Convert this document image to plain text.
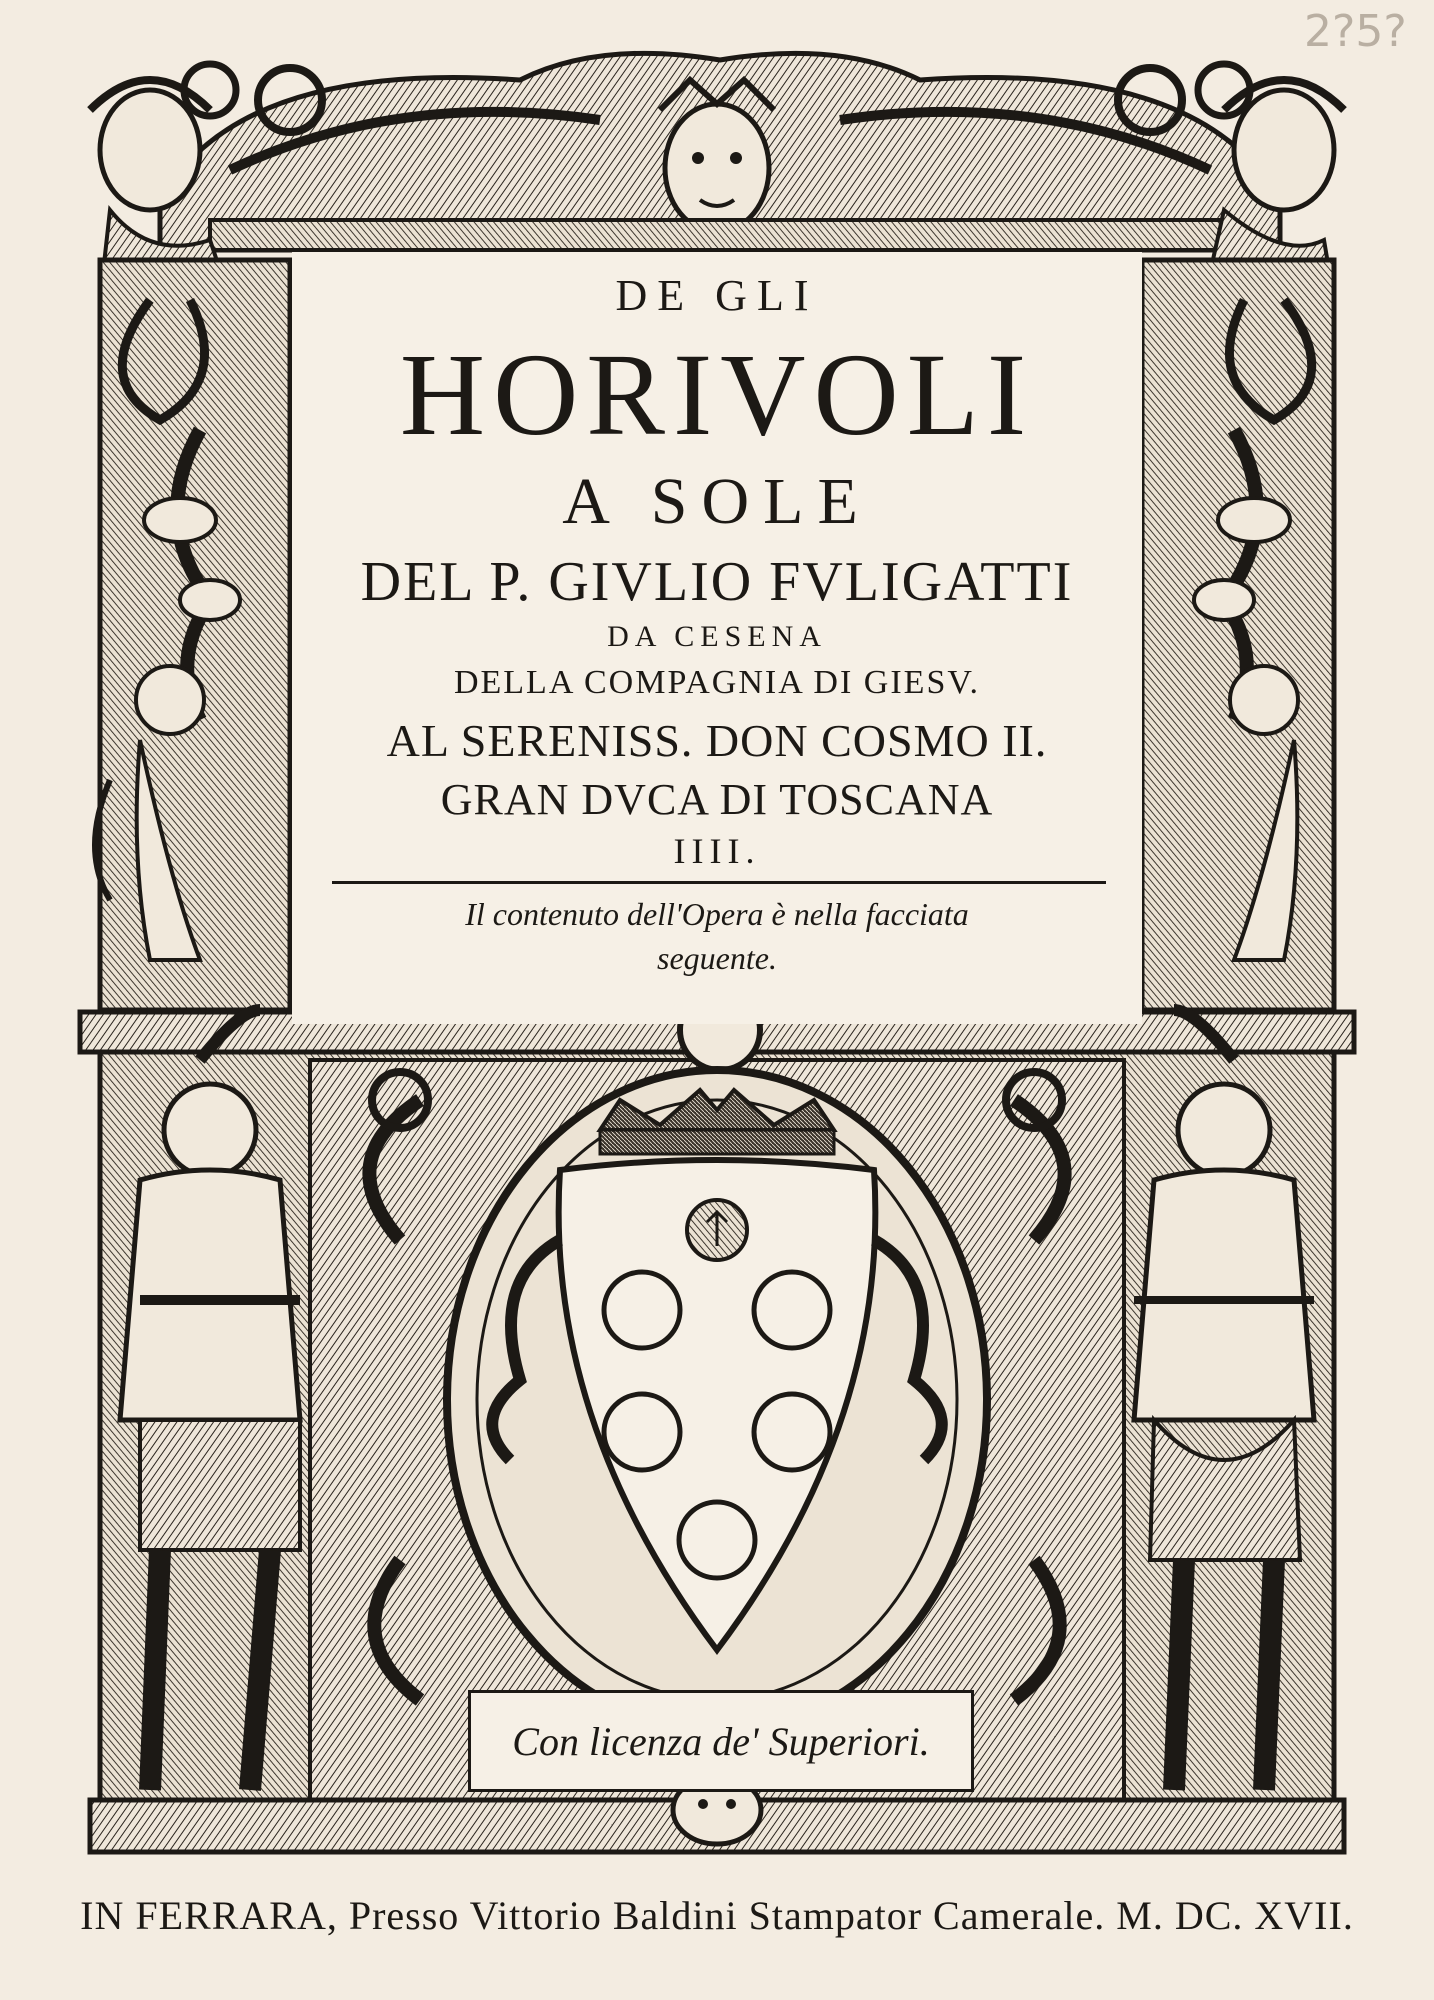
2?5?
DE GLI
HORIVOLI
A SOLE
DEL P. GIVLIO FVLIGATTI
DA CESENA
DELLA COMPAGNIA DI GIESV.
AL SERENISS. DON COSMO II.
GRAN DVCA DI TOSCANA
IIII.
Il contenuto dell'Opera è nella facciata
seguente.
Con licenza de' Superiori.
IN FERRARA, Presso Vittorio Baldini Stampator Camerale. M. DC. XVII.
